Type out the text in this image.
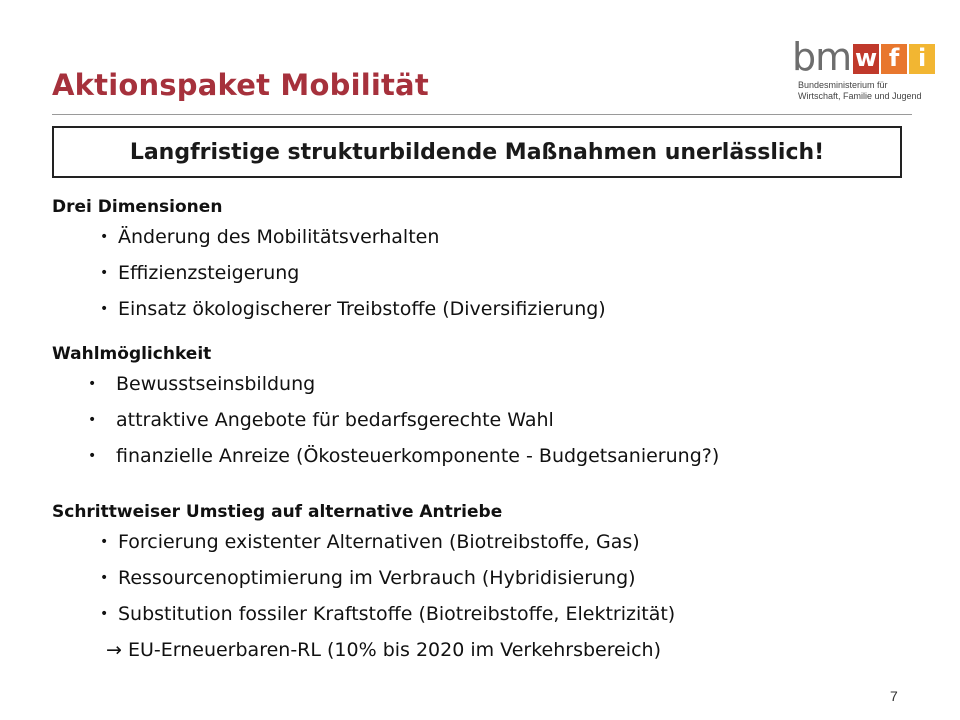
Aktionspaket Mobilität
bm w f i
Bundesministerium für
Wirtschaft, Familie und Jugend
Langfristige strukturbildende Maßnahmen unerlässlich!
Drei Dimensionen
• Änderung des Mobilitätsverhalten
• Effizienzsteigerung
• Einsatz ökologischerer Treibstoffe (Diversifizierung)
Wahlmöglichkeit
• Bewusstseinsbildung
• attraktive Angebote für bedarfsgerechte Wahl
• finanzielle Anreize (Ökosteuerkomponente - Budgetsanierung?)
Schrittweiser Umstieg auf alternative Antriebe
• Forcierung existenter Alternativen (Biotreibstoffe, Gas)
• Ressourcenoptimierung im Verbrauch (Hybridisierung)
• Substitution fossiler Kraftstoffe (Biotreibstoffe, Elektrizität)
→ EU-Erneuerbaren-RL (10% bis 2020 im Verkehrsbereich)
7
